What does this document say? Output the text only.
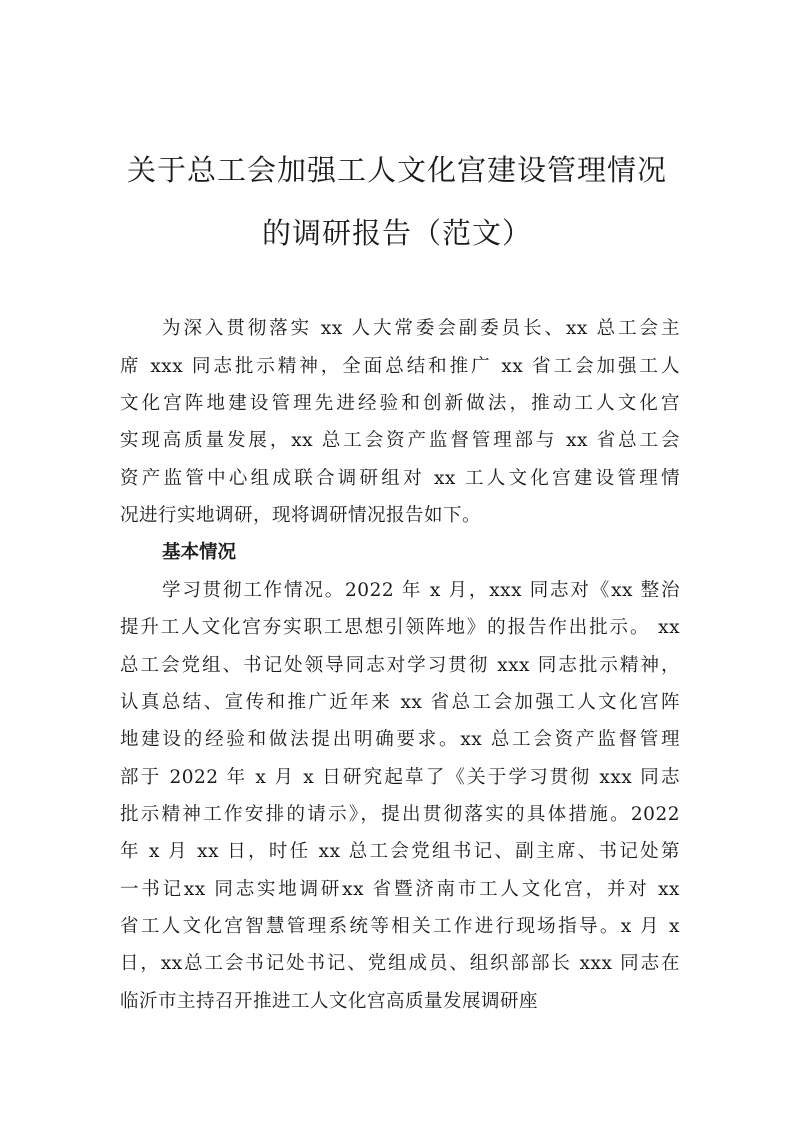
关于总工会加强工人文化宫建设管理情况
的调研报告（范文）
为深入贯彻落实 xx 人大常委会副委员长、xx 总工会主
席 xxx 同志批示精神，全面总结和推广 xx 省工会加强工人
文化宫阵地建设管理先进经验和创新做法，推动工人文化宫
实现高质量发展，xx 总工会资产监督管理部与 xx 省总工会
资产监管中心组成联合调研组对 xx 工人文化宫建设管理情
况进行实地调研，现将调研情况报告如下。
基本情况
学习贯彻工作情况。2022 年 x 月，xxx 同志对《xx 整治
提升工人文化宫夯实职工思想引领阵地》的报告作出批示。 xx
总工会党组、书记处领导同志对学习贯彻 xxx 同志批示精神，
认真总结、宣传和推广近年来 xx 省总工会加强工人文化宫阵
地建设的经验和做法提出明确要求。xx 总工会资产监督管理
部于 2022 年 x 月 x 日研究起草了《关于学习贯彻 xxx 同志
批示精神工作安排的请示》，提出贯彻落实的具体措施。2022
年 x 月 xx 日，时任 xx 总工会党组书记、副主席、书记处第
一书记xx 同志实地调研xx 省暨济南市工人文化宫，并对 xx
省工人文化宫智慧管理系统等相关工作进行现场指导。x 月 x
日，xx总工会书记处书记、党组成员、组织部部长 xxx 同志在
临沂市主持召开推进工人文化宫高质量发展调研座
